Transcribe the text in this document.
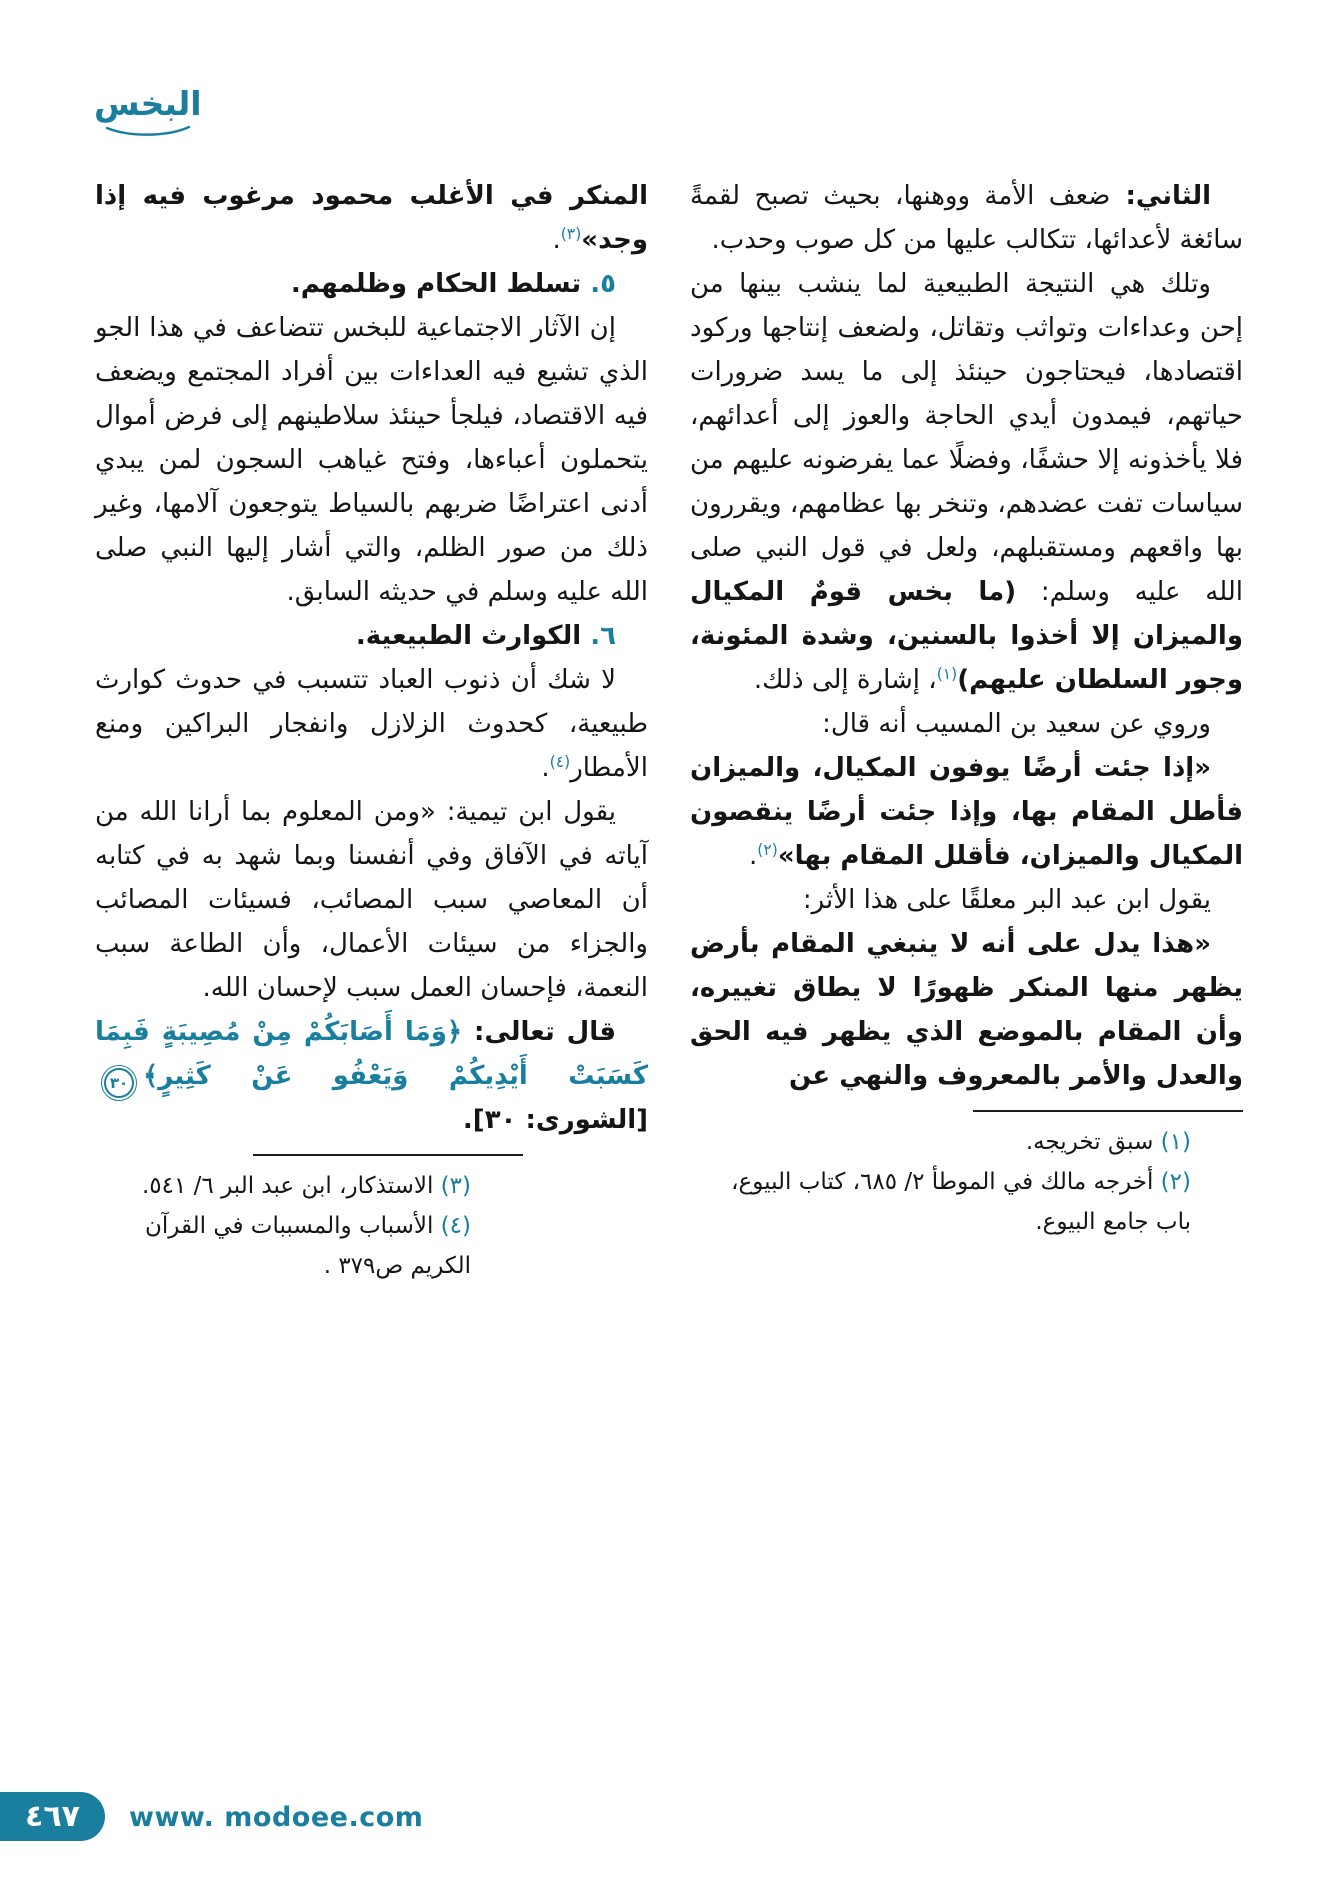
البخس

الثاني: ضعف الأمة ووهنها، بحيث تصبح لقمةً سائغة لأعدائها، تتكالب عليها من كل صوب وحدب.

وتلك هي النتيجة الطبيعية لما ينشب بينها من إحن وعداءات وتواثب وتقاتل، ولضعف إنتاجها وركود اقتصادها، فيحتاجون حينئذ إلى ما يسد ضرورات حياتهم، فيمدون أيدي الحاجة والعوز إلى أعدائهم، فلا يأخذونه إلا حشفًا، وفضلًا عما يفرضونه عليهم من سياسات تفت عضدهم، وتنخر بها عظامهم، ويقررون بها واقعهم ومستقبلهم، ولعل في قول النبي صلى الله عليه وسلم: (ما بخس قومٌ المكيال والميزان إلا أخذوا بالسنين، وشدة المئونة، وجور السلطان عليهم)$^{(١)}$، إشارة إلى ذلك.

وروي عن سعيد بن المسيب أنه قال:

«إذا جئت أرضًا يوفون المكيال، والميزان فأطل المقام بها، وإذا جئت أرضًا ينقصون المكيال والميزان، فأقلل المقام بها»$^{(٢)}$.

يقول ابن عبد البر معلقًا على هذا الأثر:

«هذا يدل على أنه لا ينبغي المقام بأرض يظهر منها المنكر ظهورًا لا يطاق تغييره، وأن المقام بالموضع الذي يظهر فيه الحق والعدل والأمر بالمعروف والنهي عن

(١) سبق تخريجه.

(٢) أخرجه مالك في الموطأ ٢/ ٦٨٥، كتاب البيوع، باب جامع البيوع.

المنكر في الأغلب محمود مرغوب فيه إذا وجد»$^{(٣)}$.

٥. تسلط الحكام وظلمهم.

إن الآثار الاجتماعية للبخس تتضاعف في هذا الجو الذي تشيع فيه العداءات بين أفراد المجتمع ويضعف فيه الاقتصاد، فيلجأ حينئذ سلاطينهم إلى فرض أموال يتحملون أعباءها، وفتح غياهب السجون لمن يبدي أدنى اعتراضًا ضربهم بالسياط يتوجعون آلامها، وغير ذلك من صور الظلم، والتي أشار إليها النبي صلى الله عليه وسلم في حديثه السابق.

٦. الكوارث الطبيعية.

لا شك أن ذنوب العباد تتسبب في حدوث كوارث طبيعية، كحدوث الزلازل وانفجار البراكين ومنع الأمطار$^{(٤)}$.

يقول ابن تيمية: «ومن المعلوم بما أرانا الله من آياته في الآفاق وفي أنفسنا وبما شهد به في كتابه أن المعاصي سبب المصائب، فسيئات المصائب والجزاء من سيئات الأعمال، وأن الطاعة سبب النعمة، فإحسان العمل سبب لإحسان الله.

قال تعالى: ﴿وَمَا أَصَابَكُمْ مِنْ مُصِيبَةٍ فَبِمَا كَسَبَتْ أَيْدِيكُمْ وَيَعْفُو عَنْ كَثِيرٍ﴾٣٠ [الشورى: ٣٠].

(٣) الاستذكار، ابن عبد البر ٦/ ٥٤١.

(٤) الأسباب والمسببات في القرآن الكريم ص٣٧٩ .

٤٦٧ www. modoee.com
